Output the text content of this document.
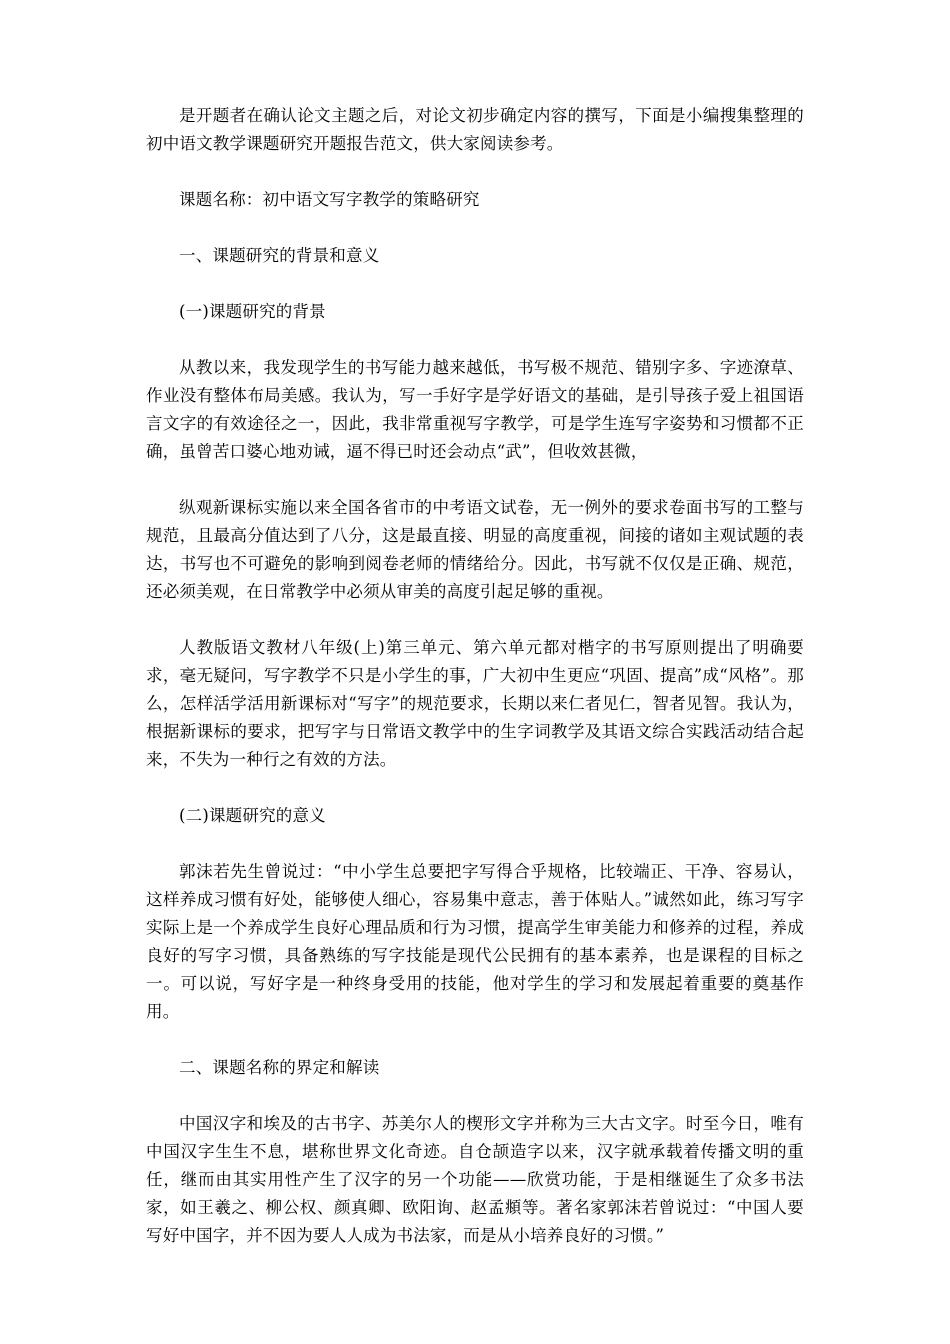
是开题者在确认论文主题之后，对论文初步确定内容的撰写，下面是小编搜集整理的初中语文教学课题研究开题报告范文，供大家阅读参考。

课题名称：初中语文写字教学的策略研究

一、课题研究的背景和意义

(一)课题研究的背景

从教以来，我发现学生的书写能力越来越低，书写极不规范、错别字多、字迹潦草、作业没有整体布局美感。我认为，写一手好字是学好语文的基础，是引导孩子爱上祖国语言文字的有效途径之一，因此，我非常重视写字教学，可是学生连写字姿势和习惯都不正确，虽曾苦口婆心地劝诫，逼不得已时还会动点“武”，但收效甚微，

纵观新课标实施以来全国各省市的中考语文试卷，无一例外的要求卷面书写的工整与规范，且最高分值达到了八分，这是最直接、明显的高度重视，间接的诸如主观试题的表达，书写也不可避免的影响到阅卷老师的情绪给分。因此，书写就不仅仅是正确、规范，还必须美观，在日常教学中必须从审美的高度引起足够的重视。

人教版语文教材八年级(上)第三单元、第六单元都对楷字的书写原则提出了明确要求，毫无疑问，写字教学不只是小学生的事，广大初中生更应“巩固、提高”成“风格”。那么，怎样活学活用新课标对“写字”的规范要求，长期以来仁者见仁，智者见智。我认为，根据新课标的要求，把写字与日常语文教学中的生字词教学及其语文综合实践活动结合起来，不失为一种行之有效的方法。

(二)课题研究的意义

郭沫若先生曾说过：“中小学生总要把字写得合乎规格，比较端正、干净、容易认，这样养成习惯有好处，能够使人细心，容易集中意志，善于体贴人。”诚然如此，练习写字实际上是一个养成学生良好心理品质和行为习惯，提高学生审美能力和修养的过程，养成良好的写字习惯，具备熟练的写字技能是现代公民拥有的基本素养，也是课程的目标之一。可以说，写好字是一种终身受用的技能，他对学生的学习和发展起着重要的奠基作用。

二、课题名称的界定和解读

中国汉字和埃及的古书字、苏美尔人的楔形文字并称为三大古文字。时至今日，唯有中国汉字生生不息，堪称世界文化奇迹。自仓颉造字以来，汉字就承载着传播文明的重任，继而由其实用性产生了汉字的另一个功能——欣赏功能，于是相继诞生了众多书法家，如王羲之、柳公权、颜真卿、欧阳询、赵孟頫等。著名家郭沫若曾说过：“中国人要写好中国字，并不因为要人人成为书法家，而是从小培养良好的习惯。”
